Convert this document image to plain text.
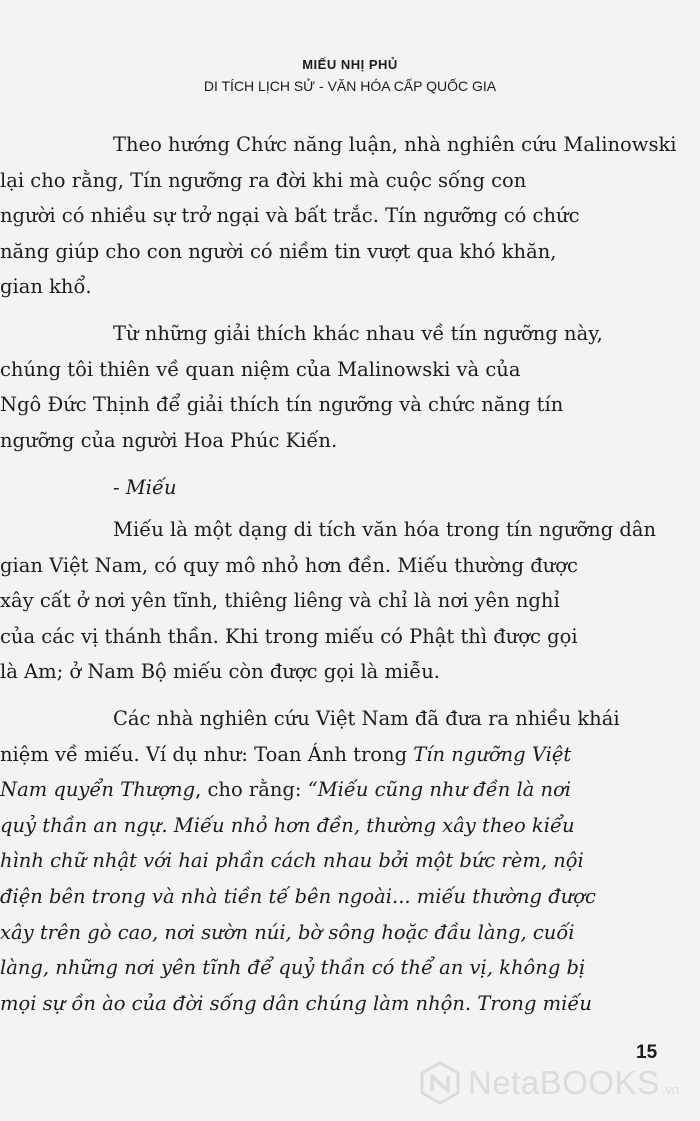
MIẾU NHỊ PHỦ
DI TÍCH LỊCH SỬ - VĂN HÓA CẤP QUỐC GIA
Theo hướng Chức năng luận, nhà nghiên cứu Malinowski
lại cho rằng, Tín ngưỡng ra đời khi mà cuộc sống con
người có nhiều sự trở ngại và bất trắc. Tín ngưỡng có chức
năng giúp cho con người có niềm tin vượt qua khó khăn,
gian khổ.
Từ những giải thích khác nhau về tín ngưỡng này,
chúng tôi thiên về quan niệm của Malinowski và của
Ngô Đức Thịnh để giải thích tín ngưỡng và chức năng tín
ngưỡng của người Hoa Phúc Kiến.
- Miếu
Miếu là một dạng di tích văn hóa trong tín ngưỡng dân
gian Việt Nam, có quy mô nhỏ hơn đền. Miếu thường được
xây cất ở nơi yên tĩnh, thiêng liêng và chỉ là nơi yên nghỉ
của các vị thánh thần. Khi trong miếu có Phật thì được gọi
là Am; ở Nam Bộ miếu còn được gọi là miễu.
Các nhà nghiên cứu Việt Nam đã đưa ra nhiều khái
niệm về miếu. Ví dụ như: Toan Ánh trong Tín ngưỡng Việt
Nam quyển Thượng, cho rằng: “Miếu cũng như đền là nơi
quỷ thần an ngự. Miếu nhỏ hơn đền, thường xây theo kiểu
hình chữ nhật với hai phần cách nhau bởi một bức rèm, nội
điện bên trong và nhà tiền tế bên ngoài... miếu thường được
xây trên gò cao, nơi sườn núi, bờ sông hoặc đầu làng, cuối
làng, những nơi yên tĩnh để quỷ thần có thể an vị, không bị
mọi sự ồn ào của đời sống dân chúng làm nhộn. Trong miếu
15
NetaBOOKS .vn
